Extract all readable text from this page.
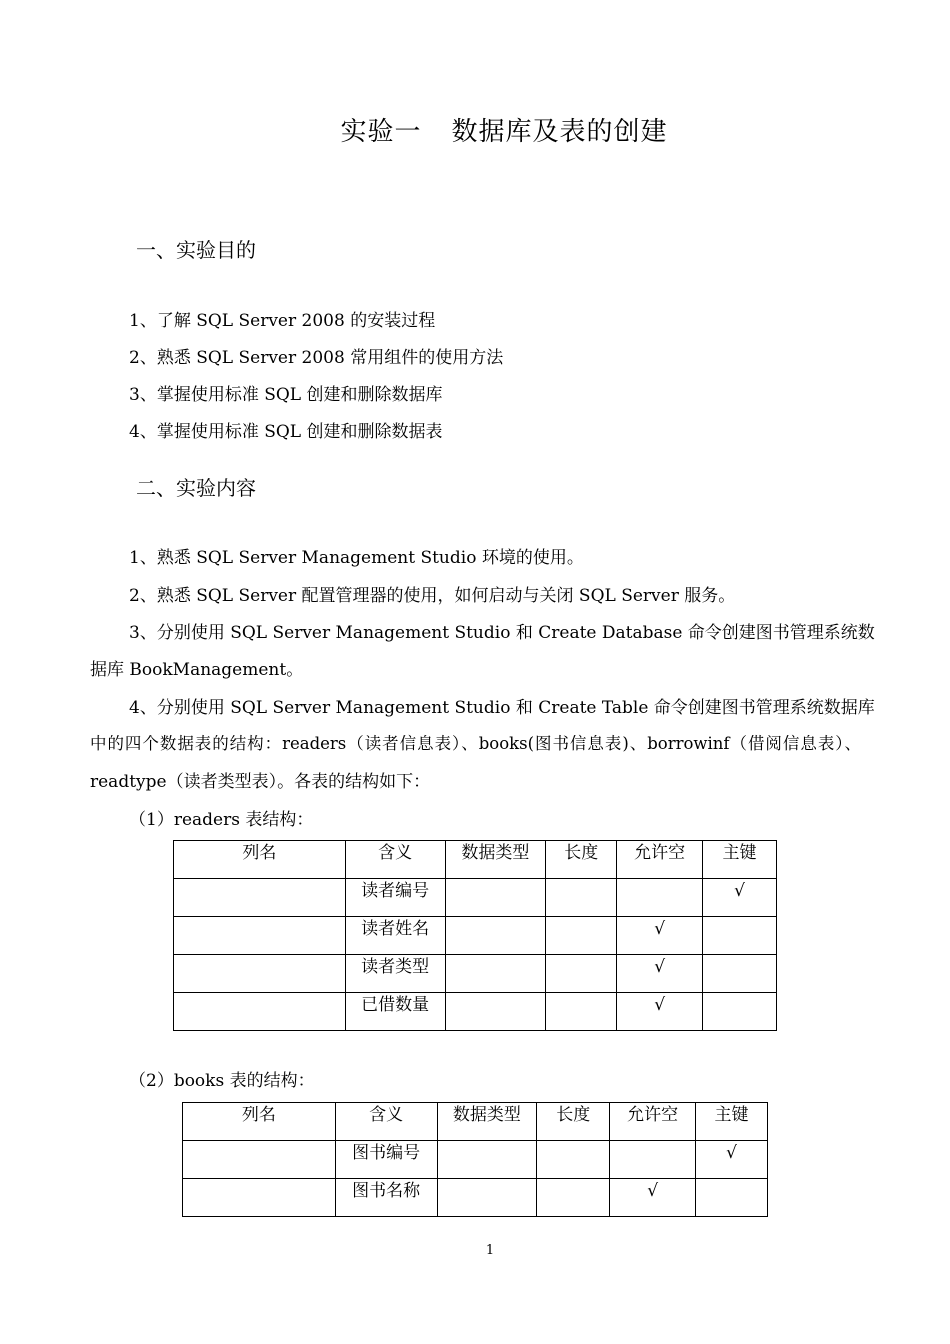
实验一 数据库及表的创建
一、实验目的
1、了解 SQL Server 2008 的安装过程
2、熟悉 SQL Server 2008 常用组件的使用方法
3、掌握使用标准 SQL 创建和删除数据库
4、掌握使用标准 SQL 创建和删除数据表
二、实验内容
1、熟悉 SQL Server Management Studio 环境的使用。
2、熟悉 SQL Server 配置管理器的使用，如何启动与关闭 SQL Server 服务。
3、分别使用 SQL Server Management Studio 和 Create Database 命令创建图书管理系统数
据库 BookManagement。
4、分别使用 SQL Server Management Studio 和 Create Table 命令创建图书管理系统数据库
中的四个数据表的结构：readers（读者信息表）、books(图书信息表)、borrowinf（借阅信息表）、
readtype（读者类型表）。各表的结构如下：
（1）readers 表结构：
列名	含义	数据类型	长度	允许空	主键
	读者编号				√
	读者姓名			√	
	读者类型			√	
	已借数量			√	
（2）books 表的结构：
列名	含义	数据类型	长度	允许空	主键
	图书编号				√
	图书名称			√	
1
